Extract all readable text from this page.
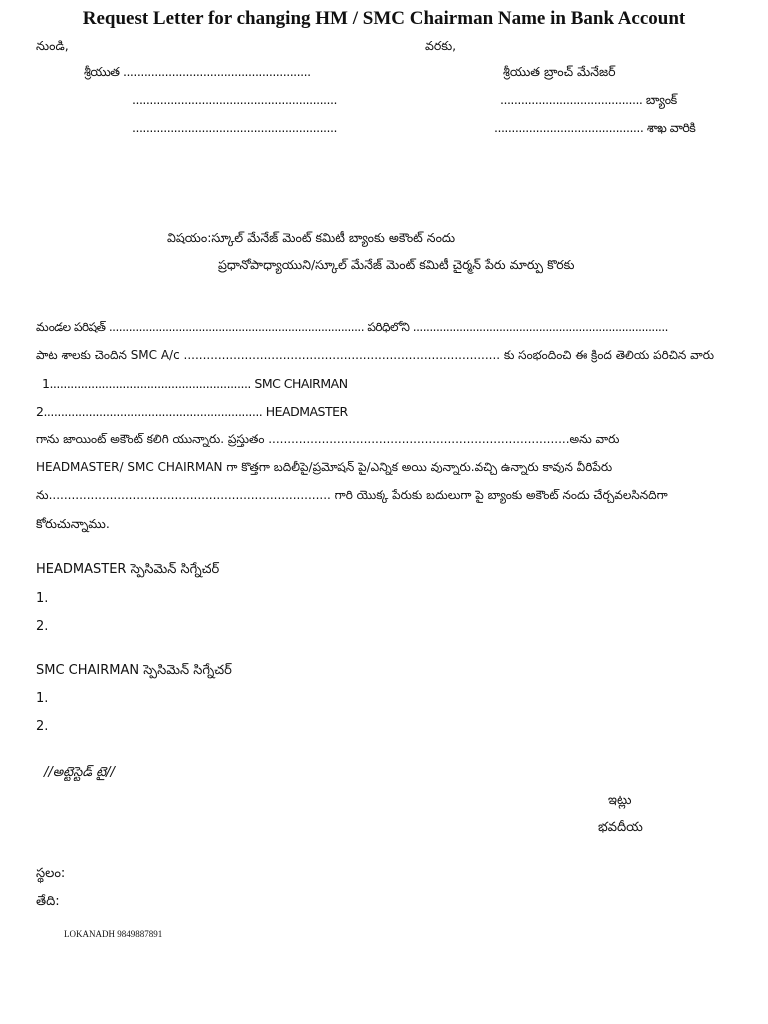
Request Letter for changing HM / SMC Chairman Name in Bank Account
నుండి,
శ్రీయుత ......................................................
...........................................................
...........................................................
వరకు,
శ్రీయుత బ్రాంచ్ మేనేజర్
......................................... బ్యాంక్
........................................... శాఖ వారికి
విషయం:స్కూల్ మేనేజ్ మెంట్ కమిటీ బ్యాంకు అకౌంట్ నందు
ప్రధానోపాధ్యాయుని/స్కూల్ మేనేజ్ మెంట్ కమిటీ చైర్మన్ పేరు మార్పు కొరకు
మండల పరిషత్ ............................................................................. పరిధిలోని .............................................................................
పాట శాలకు చెందిన SMC A/c ................................................................................... కు సంభందించి ఈ క్రింద తెలియ పరిచిన వారు
1.......................................................... SMC CHAIRMAN
2............................................................... HEADMASTER
గాను జాయింట్ అకౌంట్ కలిగి యున్నారు. ప్రస్తుతం ...............................................................................అను వారు
HEADMASTER/ SMC CHAIRMAN గా కొత్తగా బదిలీపై/ప్రమోషన్ పై/ఎన్నిక అయి వున్నారు.వచ్చి ఉన్నారు కావున వీరిపేరు
ను.......................................................................... గారి యొక్క పేరుకు బదులుగా పై బ్యాంకు అకౌంట్ నందు చేర్చవలసినదిగా
కోరుచున్నాము.
HEADMASTER స్పెసిమెన్ సిగ్నేచర్
1.
2.
SMC CHAIRMAN స్పెసిమెన్ సిగ్నేచర్
1.
2.
//అట్టెస్టెడ్ టై//
ఇట్లు
భవదీయ
స్థలం:
తేది:
LOKANADH 9849887891
